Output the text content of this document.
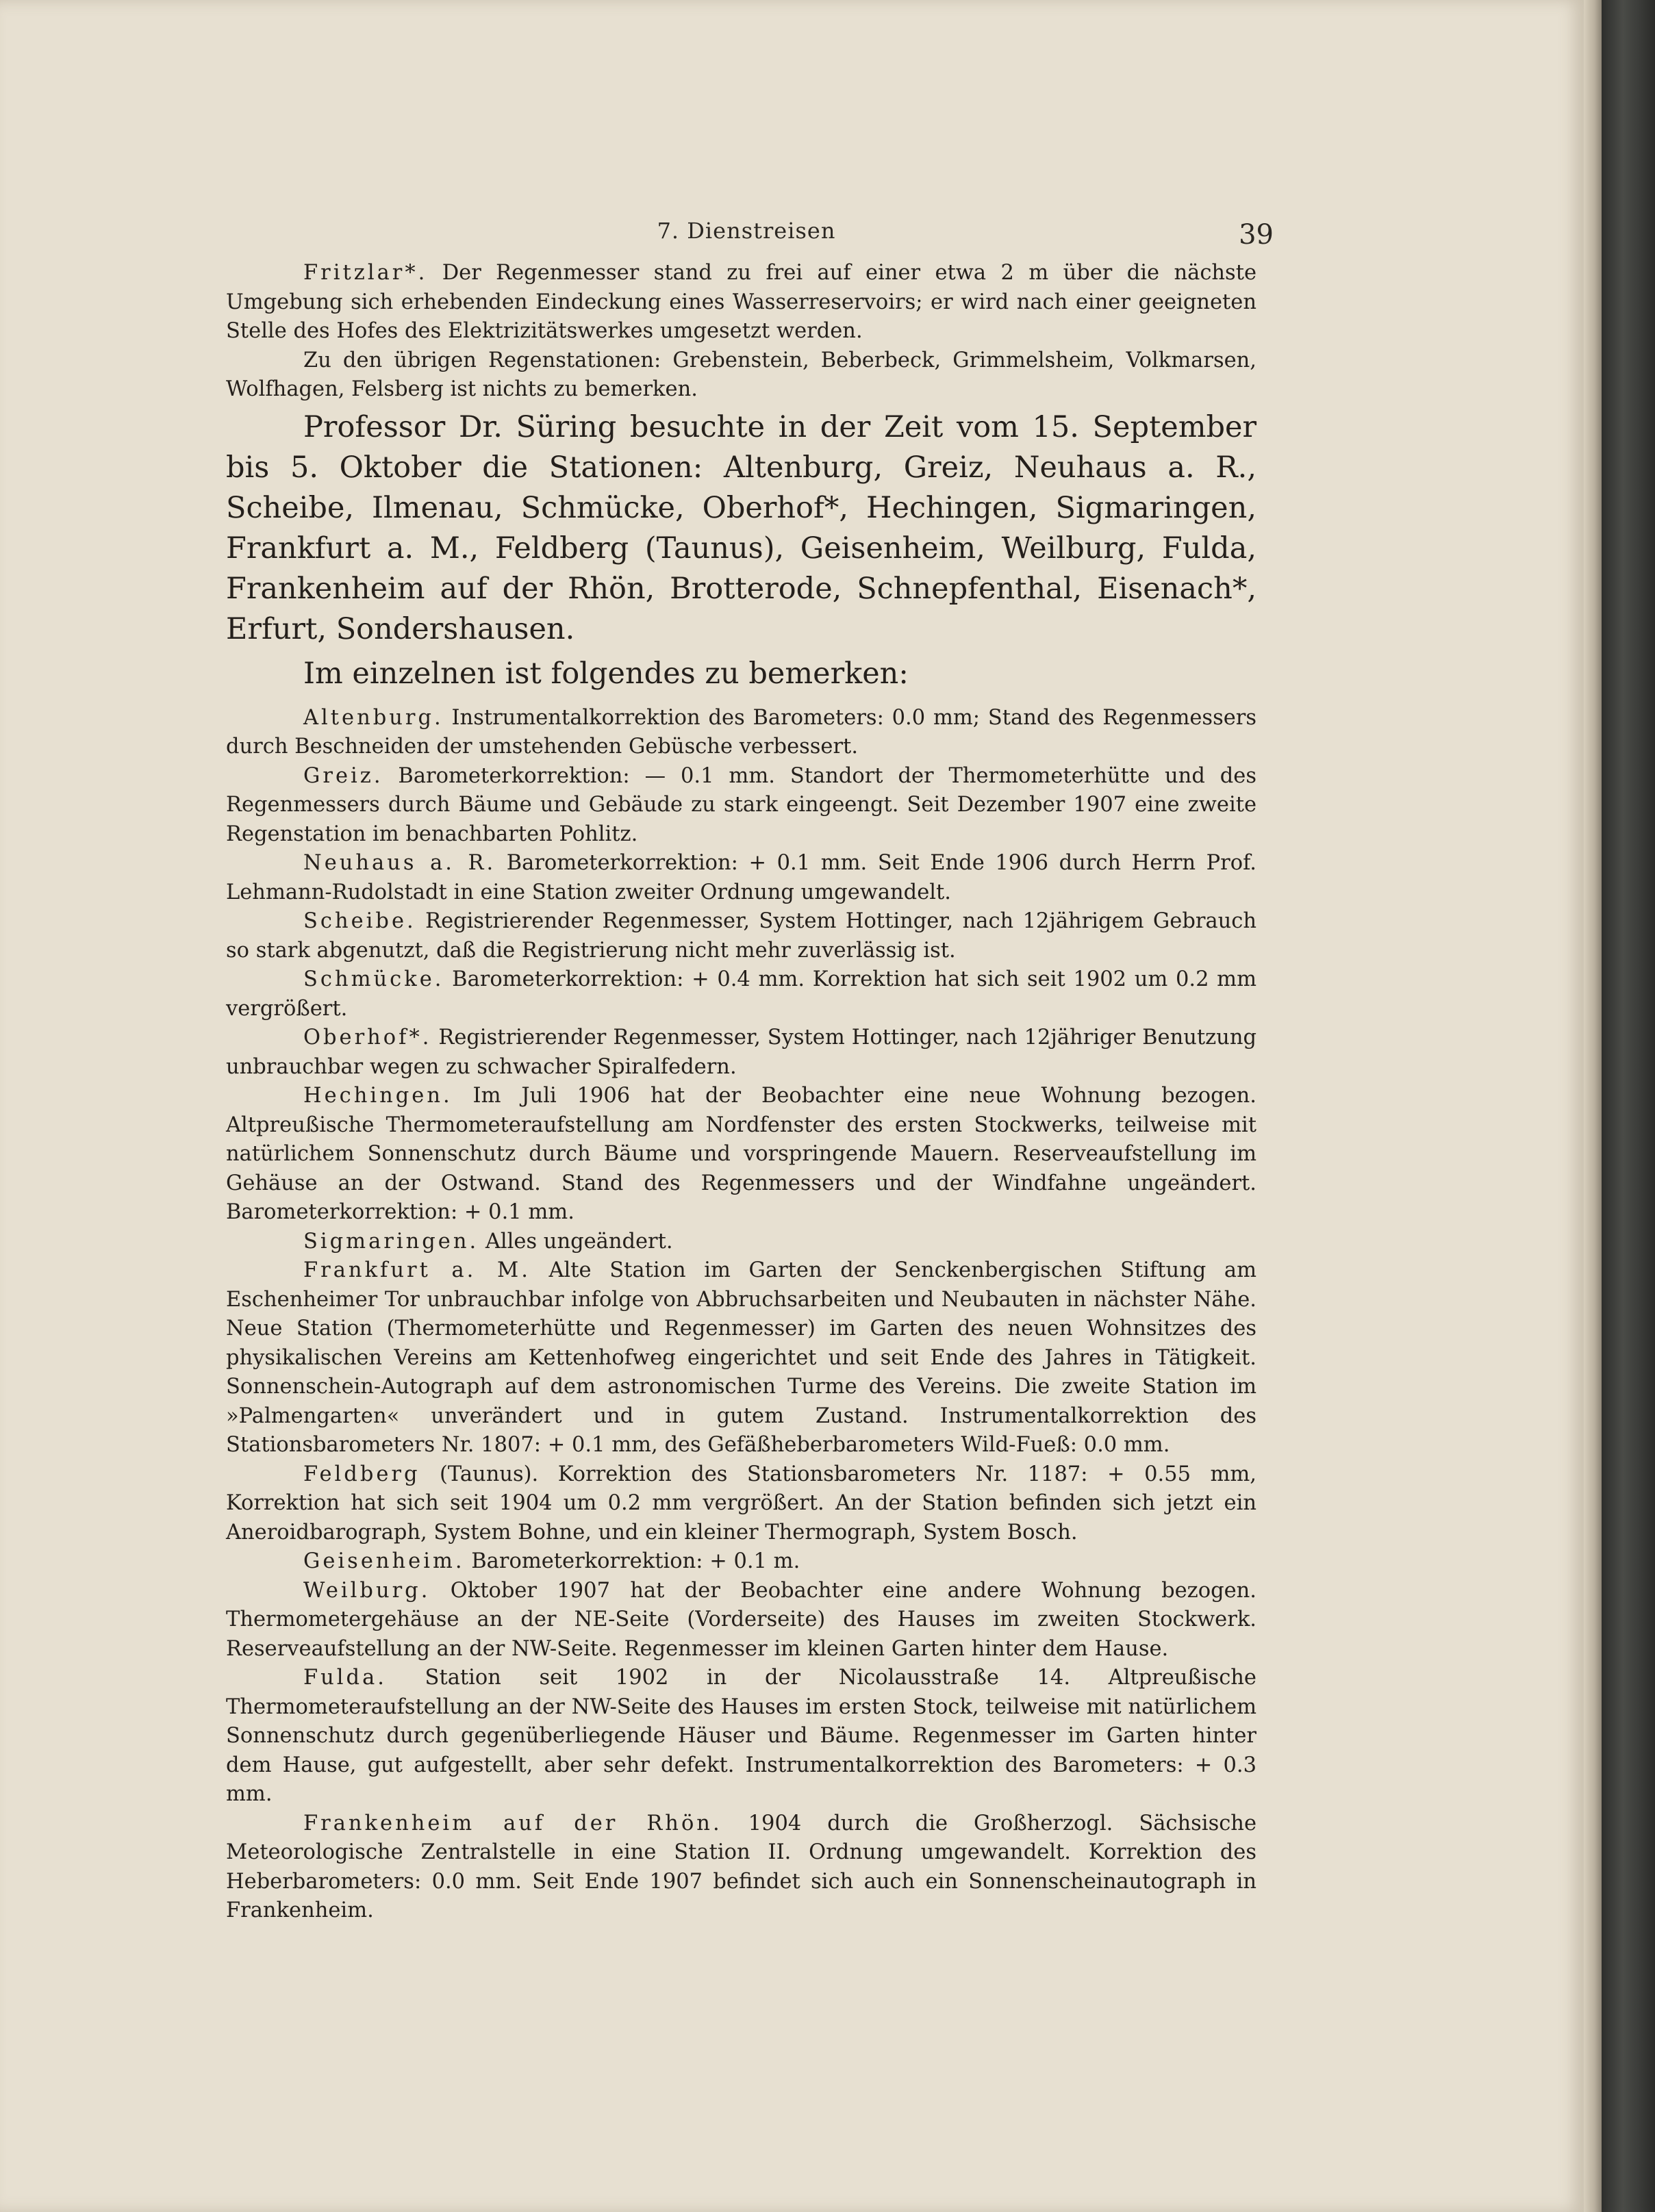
7. Dienstreisen	39

Fritzlar*. Der Regenmesser stand zu frei auf einer etwa 2 m über die nächste Umgebung sich erhebenden Eindeckung eines Wasserreservoirs; er wird nach einer geeigneten Stelle des Hofes des Elektrizitätswerkes umgesetzt werden.

Zu den übrigen Regenstationen: Grebenstein, Beberbeck, Grimmelsheim, Volkmarsen, Wolfhagen, Felsberg ist nichts zu bemerken.

Professor Dr. Süring besuchte in der Zeit vom 15. September bis 5. Oktober die Stationen: Altenburg, Greiz, Neuhaus a. R., Scheibe, Ilmenau, Schmücke, Oberhof*, Hechingen, Sigmaringen, Frankfurt a. M., Feldberg (Taunus), Geisenheim, Weilburg, Fulda, Frankenheim auf der Rhön, Brotterode, Schnepfenthal, Eisenach*, Erfurt, Sondershausen.

Im einzelnen ist folgendes zu bemerken:

Altenburg. Instrumentalkorrektion des Barometers: 0.0 mm; Stand des Regenmessers durch Beschneiden der umstehenden Gebüsche verbessert.

Greiz. Barometerkorrektion: — 0.1 mm. Standort der Thermometerhütte und des Regenmessers durch Bäume und Gebäude zu stark eingeengt. Seit Dezember 1907 eine zweite Regenstation im benachbarten Pohlitz.

Neuhaus a. R. Barometerkorrektion: + 0.1 mm. Seit Ende 1906 durch Herrn Prof. Lehmann-Rudolstadt in eine Station zweiter Ordnung umgewandelt.

Scheibe. Registrierender Regenmesser, System Hottinger, nach 12jährigem Gebrauch so stark abgenutzt, daß die Registrierung nicht mehr zuverlässig ist.

Schmücke. Barometerkorrektion: + 0.4 mm. Korrektion hat sich seit 1902 um 0.2 mm vergrößert.

Oberhof*. Registrierender Regenmesser, System Hottinger, nach 12jähriger Benutzung unbrauchbar wegen zu schwacher Spiralfedern.

Hechingen. Im Juli 1906 hat der Beobachter eine neue Wohnung bezogen. Altpreußische Thermometeraufstellung am Nordfenster des ersten Stockwerks, teilweise mit natürlichem Sonnenschutz durch Bäume und vorspringende Mauern. Reserveaufstellung im Gehäuse an der Ostwand. Stand des Regenmessers und der Windfahne ungeändert. Barometerkorrektion: + 0.1 mm.

Sigmaringen. Alles ungeändert.

Frankfurt a. M. Alte Station im Garten der Senckenbergischen Stiftung am Eschenheimer Tor unbrauchbar infolge von Abbruchsarbeiten und Neubauten in nächster Nähe. Neue Station (Thermometerhütte und Regenmesser) im Garten des neuen Wohnsitzes des physikalischen Vereins am Kettenhofweg eingerichtet und seit Ende des Jahres in Tätigkeit. Sonnenschein-Autograph auf dem astronomischen Turme des Vereins. Die zweite Station im »Palmengarten« unverändert und in gutem Zustand. Instrumentalkorrektion des Stationsbarometers Nr. 1807: + 0.1 mm, des Gefäßheberbarometers Wild-Fueß: 0.0 mm.

Feldberg (Taunus). Korrektion des Stationsbarometers Nr. 1187: + 0.55 mm, Korrektion hat sich seit 1904 um 0.2 mm vergrößert. An der Station befinden sich jetzt ein Aneroidbarograph, System Bohne, und ein kleiner Thermograph, System Bosch.

Geisenheim. Barometerkorrektion: + 0.1 m.

Weilburg. Oktober 1907 hat der Beobachter eine andere Wohnung bezogen. Thermometergehäuse an der NE-Seite (Vorderseite) des Hauses im zweiten Stockwerk. Reserveaufstellung an der NW-Seite. Regenmesser im kleinen Garten hinter dem Hause.

Fulda. Station seit 1902 in der Nicolausstraße 14. Altpreußische Thermometeraufstellung an der NW-Seite des Hauses im ersten Stock, teilweise mit natürlichem Sonnenschutz durch gegenüberliegende Häuser und Bäume. Regenmesser im Garten hinter dem Hause, gut aufgestellt, aber sehr defekt. Instrumentalkorrektion des Barometers: + 0.3 mm.

Frankenheim auf der Rhön. 1904 durch die Großherzogl. Sächsische Meteorologische Zentralstelle in eine Station II. Ordnung umgewandelt. Korrektion des Heberbarometers: 0.0 mm. Seit Ende 1907 befindet sich auch ein Sonnenscheinautograph in Frankenheim.
